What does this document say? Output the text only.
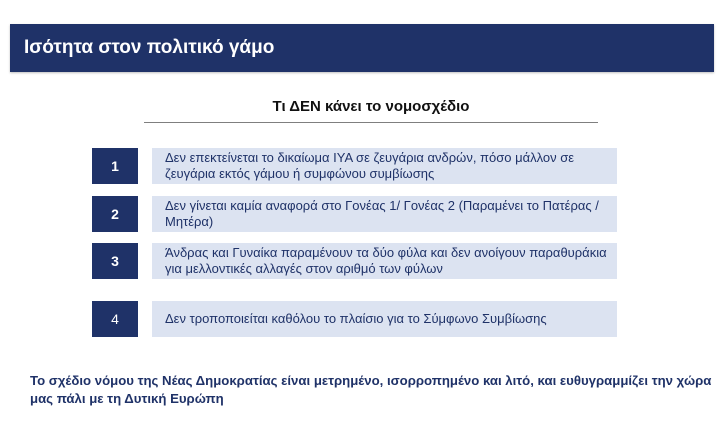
Ισότητα στον πολιτικό γάμο
Τι ΔΕΝ κάνει το νομοσχέδιο
1
Δεν επεκτείνεται το δικαίωμα ΙΥΑ σε ζευγάρια ανδρών, πόσο μάλλον σε ζευγάρια εκτός γάμου ή συμφώνου συμβίωσης
2
Δεν γίνεται καμία αναφορά στο Γονέας 1/ Γονέας 2 (Παραμένει το Πατέρας / Μητέρα)
3
Άνδρας και Γυναίκα παραμένουν τα δύο φύλα και δεν ανοίγουν παραθυράκια για μελλοντικές αλλαγές στον αριθμό των φύλων
4	Δεν τροποποιείται καθόλου το πλαίσιο για το Σύμφωνο Συμβίωσης
Το σχέδιο νόμου της Νέας Δημοκρατίας είναι μετρημένο, ισορροπημένο και λιτό, και ευθυγραμμίζει την χώρα μας πάλι με τη Δυτική Ευρώπη
